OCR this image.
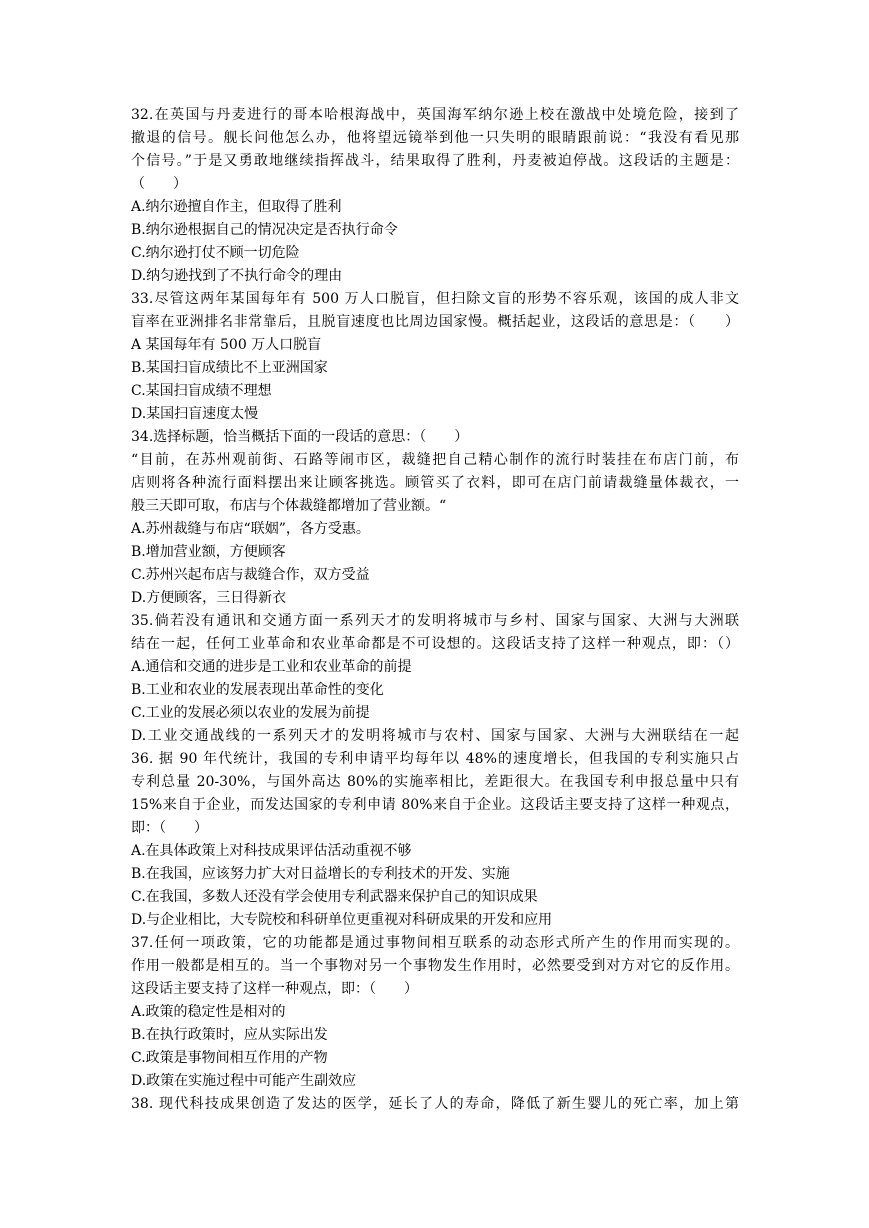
32.在英国与丹麦进行的哥本哈根海战中，英国海军纳尔逊上校在激战中处境危险，接到了
撤退的信号。舰长问他怎么办，他将望远镜举到他一只失明的眼睛跟前说：“我没有看见那
个信号。”于是又勇敢地继续指挥战斗，结果取得了胜利，丹麦被迫停战。这段话的主题是：
（　　）
A.纳尔逊擅自作主，但取得了胜利
B.纳尔逊根据自己的情况决定是否执行命令
C.纳尔逊打仗不顾一切危险
D.纳匀逊找到了不执行命令的理由
33.尽管这两年某国每年有 500 万人口脱盲，但扫除文盲的形势不容乐观，该国的成人非文
盲率在亚洲排名非常靠后，且脱盲速度也比周边国家慢。概括起业，这段话的意思是：（　　）
A 某国每年有 500 万人口脱盲
B.某国扫盲成绩比不上亚洲国家
C.某国扫盲成绩不理想
D.某国扫盲速度太慢
34.选择标题，恰当概括下面的一段话的意思：（　　）
“目前，在苏州观前街、石路等闹市区，裁缝把自己精心制作的流行时装挂在布店门前，布
店则将各种流行面料摆出来让顾客挑选。顾管买了衣料，即可在店门前请裁缝量体裁衣，一
般三天即可取，布店与个体裁缝都增加了营业额。“
A.苏州裁缝与布店“联姻”，各方受惠。
B.增加营业额，方便顾客
C.苏州兴起布店与裁缝合作，双方受益
D.方便顾客，三日得新衣
35.倘若没有通讯和交通方面一系列天才的发明将城市与乡村、国家与国家、大洲与大洲联
结在一起，任何工业革命和农业革命都是不可设想的。这段话支持了这样一种观点，即：（）
A.通信和交通的进步是工业和农业革命的前提
B.工业和农业的发展表现出革命性的变化
C.工业的发展必须以农业的发展为前提
D.工业交通战线的一系列天才的发明将城市与农村、国家与国家、大洲与大洲联结在一起
36. 据 90 年代统计，我国的专利申请平均每年以 48%的速度增长，但我国的专利实施只占
专利总量 20-30%，与国外高达 80%的实施率相比，差距很大。在我国专利申报总量中只有
15%来自于企业，而发达国家的专利申请 80%来自于企业。这段话主要支持了这样一种观点，
即：（　　）
A.在具体政策上对科技成果评估活动重视不够
B.在我国，应该努力扩大对日益增长的专利技术的开发、实施
C.在我国，多数人还没有学会使用专利武器来保护自己的知识成果
D.与企业相比，大专院校和科研单位更重视对科研成果的开发和应用
37.任何一项政策，它的功能都是通过事物间相互联系的动态形式所产生的作用而实现的。
作用一般都是相互的。当一个事物对另一个事物发生作用时，必然要受到对方对它的反作用。
这段话主要支持了这样一种观点，即：（　　）
A.政策的稳定性是相对的
B.在执行政策时，应从实际出发
C.政策是事物间相互作用的产物
D.政策在实施过程中可能产生副效应
38. 现代科技成果创造了发达的医学，延长了人的寿命，降低了新生婴儿的死亡率，加上第
